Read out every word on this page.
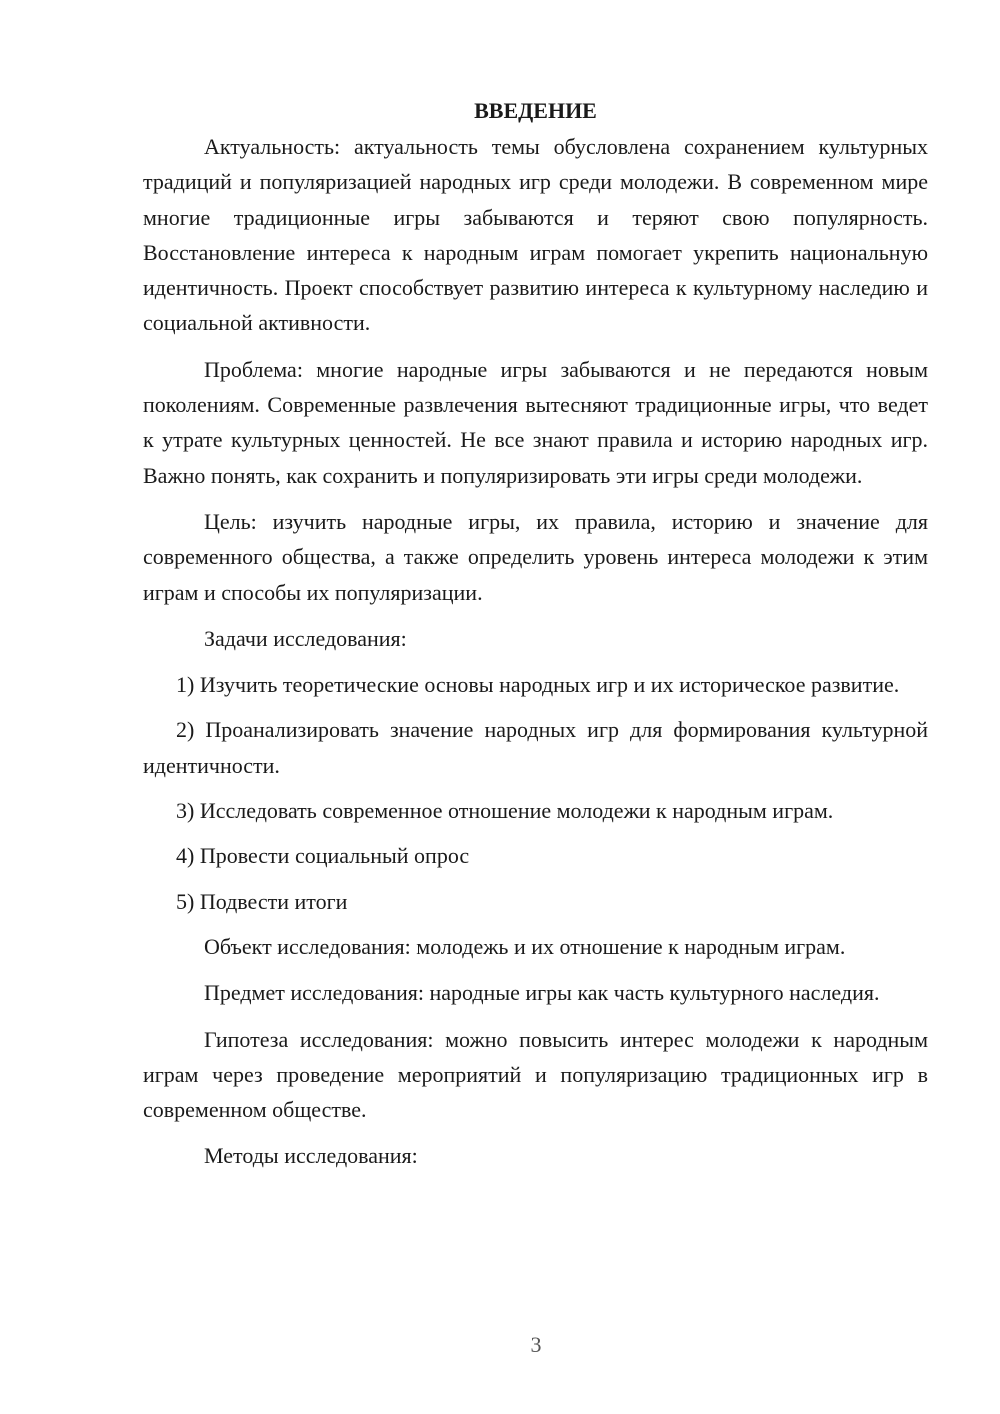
ВВЕДЕНИЕ

Актуальность: актуальность темы обусловлена сохранением культурных традиций и популяризацией народных игр среди молодежи. В современном мире многие традиционные игры забываются и теряют свою популярность. Восстановление интереса к народным играм помогает укрепить национальную идентичность. Проект способствует развитию интереса к культурному наследию и социальной активности.

Проблема: многие народные игры забываются и не передаются новым поколениям. Современные развлечения вытесняют традиционные игры, что ведет к утрате культурных ценностей. Не все знают правила и историю народных игр. Важно понять, как сохранить и популяризировать эти игры среди молодежи.

Цель: изучить народные игры, их правила, историю и значение для современного общества, а также определить уровень интереса молодежи к этим играм и способы их популяризации.

Задачи исследования:

1) Изучить теоретические основы народных игр и их историческое развитие.

2) Проанализировать значение народных игр для формирования культурной идентичности.

3) Исследовать современное отношение молодежи к народным играм.

4) Провести социальный опрос

5) Подвести итоги

Объект исследования: молодежь и их отношение к народным играм.

Предмет исследования: народные игры как часть культурного наследия.

Гипотеза исследования: можно повысить интерес молодежи к народным играм через проведение мероприятий и популяризацию традиционных игр в современном обществе.

Методы исследования:

3
